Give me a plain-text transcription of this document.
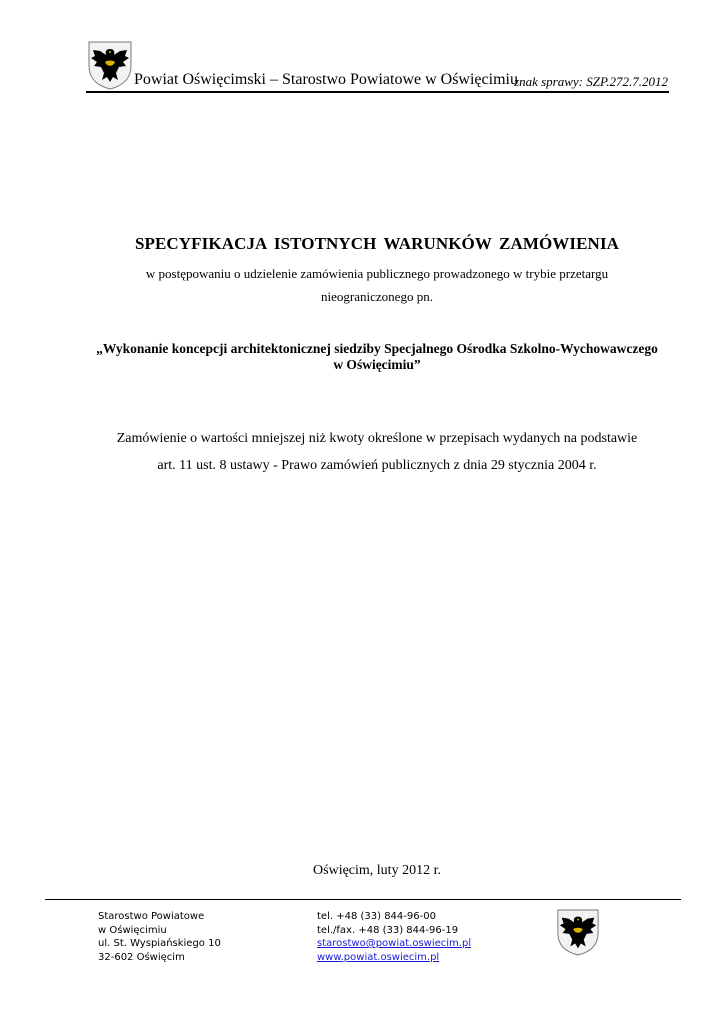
Powiat Oświęcimski – Starostwo Powiatowe w Oświęcimiu
znak sprawy: SZP.272.7.2012
SPECYFIKACJA ISTOTNYCH WARUNKÓW ZAMÓWIENIA
w postępowaniu o udzielenie zamówienia publicznego prowadzonego w trybie przetargu
nieograniczonego pn.
„Wykonanie koncepcji architektonicznej siedziby Specjalnego Ośrodka Szkolno-Wychowawczego
w Oświęcimiu”
Zamówienie o wartości mniejszej niż kwoty określone w przepisach wydanych na podstawie
art. 11 ust. 8 ustawy - Prawo zamówień publicznych z dnia 29 stycznia 2004 r.
Oświęcim, luty 2012 r.
Starostwo Powiatowe
w Oświęcimiu
ul. St. Wyspiańskiego 10
32-602 Oświęcim
tel. +48 (33) 844-96-00
tel./fax. +48 (33) 844-96-19
starostwo@powiat.oswiecim.pl
www.powiat.oswiecim.pl
